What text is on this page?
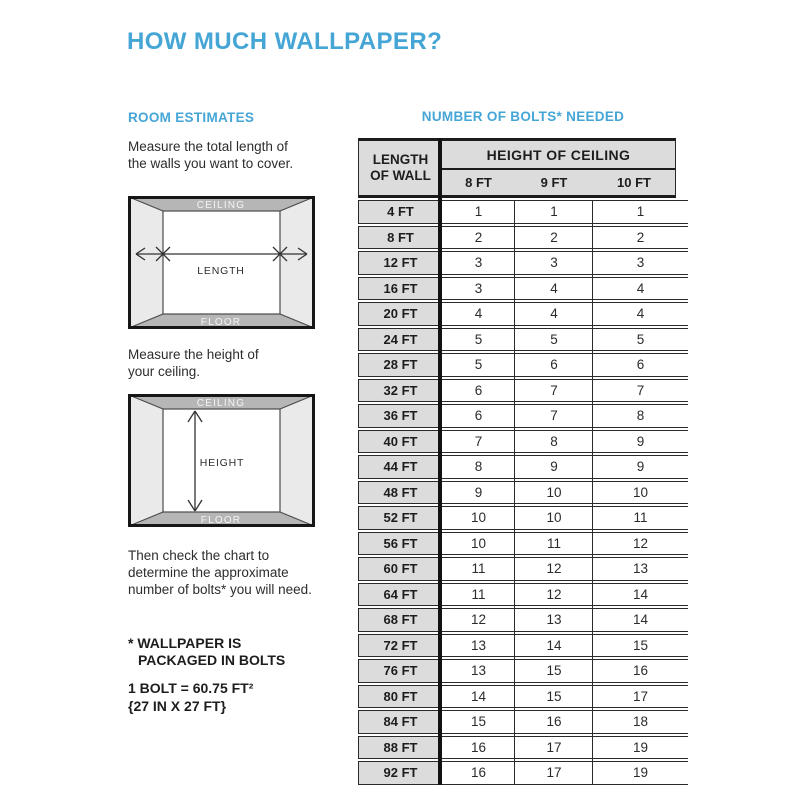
HOW MUCH WALLPAPER?
ROOM ESTIMATES
Measure the total length of
the walls you want to cover.
CEILING
FLOOR
LENGTH
Measure the height of
your ceiling.
CEILING
FLOOR
HEIGHT
Then check the chart to
determine the approximate
number of bolts* you will need.
* WALLPAPER IS
PACKAGED IN BOLTS
1 BOLT = 60.75 FT²
{27 IN X 27 FT}
NUMBER OF BOLTS* NEEDED
LENGTH
OF WALL
HEIGHT OF CEILING
8 FT	9 FT	10 FT
4 FT	1	1	1
8 FT	2	2	2
12 FT	3	3	3
16 FT	3	4	4
20 FT	4	4	4
24 FT	5	5	5
28 FT	5	6	6
32 FT	6	7	7
36 FT	6	7	8
40 FT	7	8	9
44 FT	8	9	9
48 FT	9	10	10
52 FT	10	10	11
56 FT	10	11	12
60 FT	11	12	13
64 FT	11	12	14
68 FT	12	13	14
72 FT	13	14	15
76 FT	13	15	16
80 FT	14	15	17
84 FT	15	16	18
88 FT	16	17	19
92 FT	16	17	19
